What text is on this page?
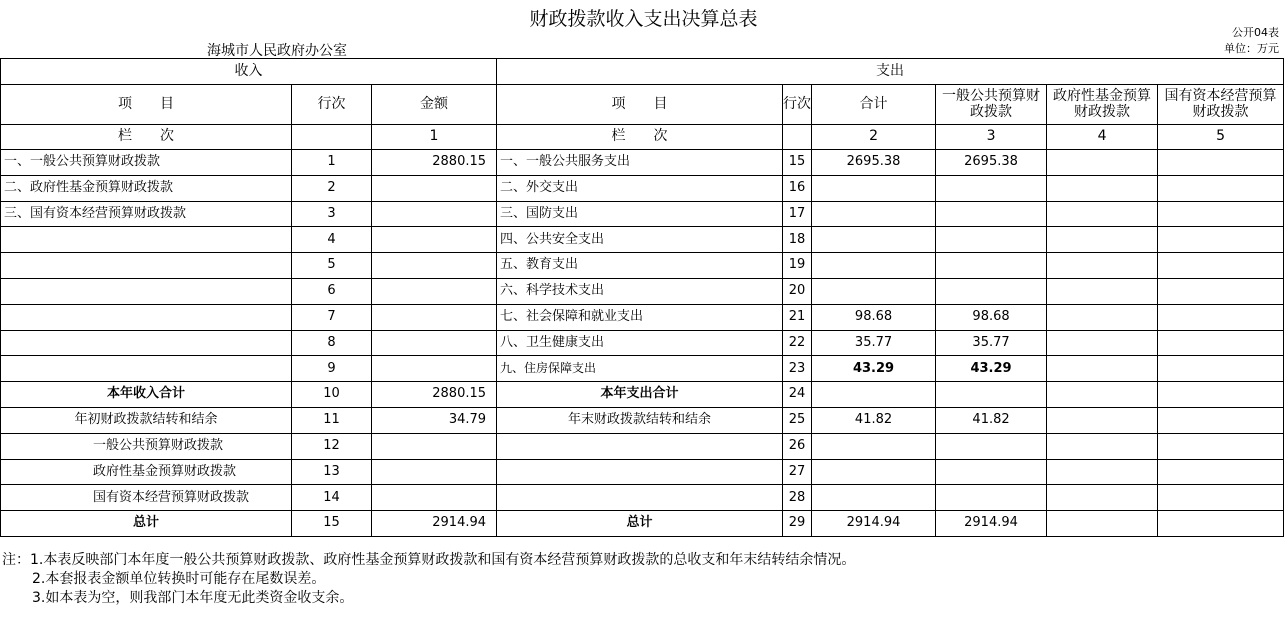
财政拨款收入支出决算总表
公开04表
单位：万元
海城市人民政府办公室
收入			支出					
项　　目	行次	金额	项　　目	行次	合计	一般公共预算财政拨款	政府性基金预算财政拨款	国有资本经营预算财政拨款
栏　　次		1	栏　　次		2	3	4	5
一、一般公共预算财政拨款	1	2880.15	一、一般公共服务支出	15	2695.38	2695.38		
二、政府性基金预算财政拨款	2		二、外交支出	16				
三、国有资本经营预算财政拨款	3		三、国防支出	17				
	4		四、公共安全支出	18				
	5		五、教育支出	19				
	6		六、科学技术支出	20				
	7		七、社会保障和就业支出	21	98.68	98.68		
	8		八、卫生健康支出	22	35.77	35.77		
	9		九、住房保障支出	23	43.29	43.29		
本年收入合计	10	2880.15	本年支出合计	24				
年初财政拨款结转和结余	11	34.79	年末财政拨款结转和结余	25	41.82	41.82		
一般公共预算财政拨款	12			26				
政府性基金预算财政拨款	13			27				
国有资本经营预算财政拨款	14			28				
总计	15	2914.94	总计	29	2914.94	2914.94		
注：1.本表反映部门本年度一般公共预算财政拨款、政府性基金预算财政拨款和国有资本经营预算财政拨款的总收支和年末结转结余情况。
2.本套报表金额单位转换时可能存在尾数误差。
3.如本表为空，则我部门本年度无此类资金收支余。
